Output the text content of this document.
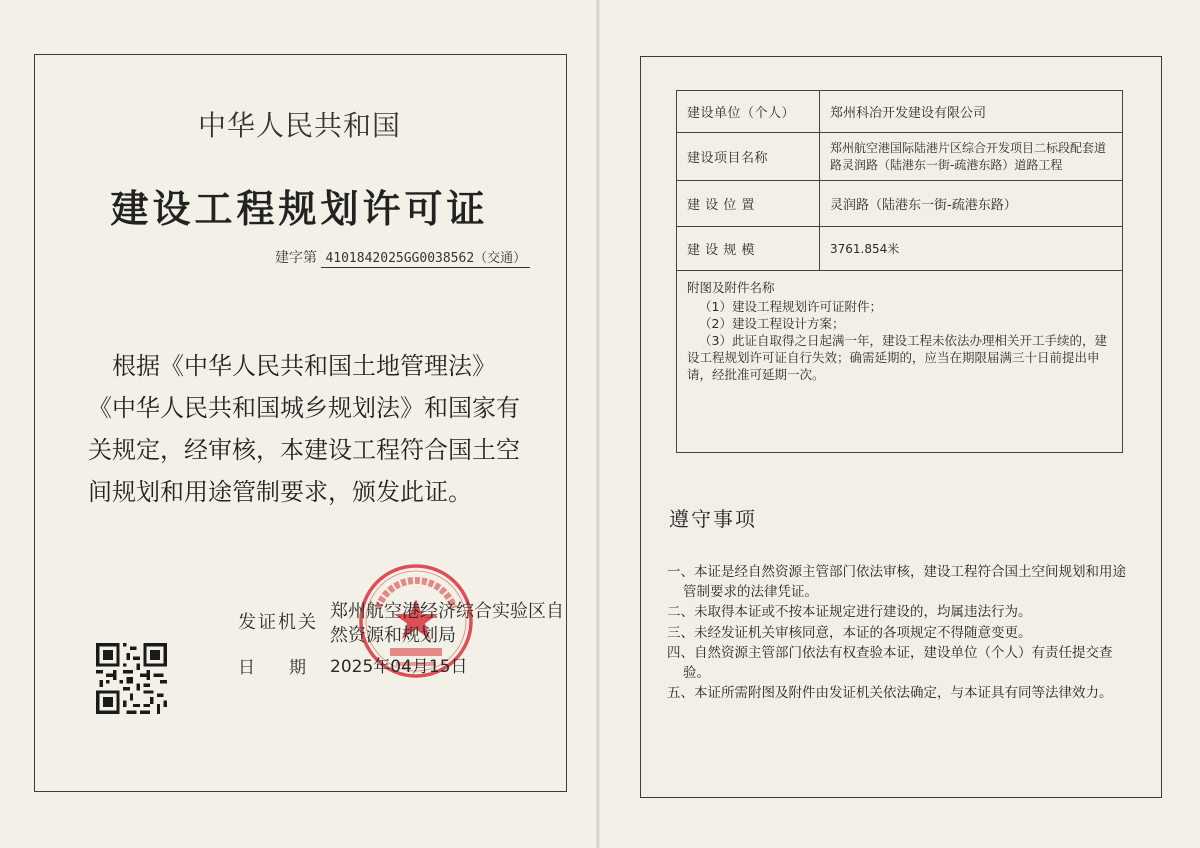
中华人民共和国
建设工程规划许可证
建字第 410184202​5GG0038562（交通）
根据《中华人民共和国土地管理法》《中华人民共和国城乡规划法》和国家有关规定，经审核，本建设工程符合国土空间规划和用途管制要求，颁发此证。
发证机关
郑州航空港经济综合实验区自然资源和规划局
日期
2025年04月15日
建设单位（个人）	郑州科冶开发建设有限公司
建设项目名称	郑州航空港国际陆港片区综合开发项目二标段配套道路灵润路（陆港东一街-疏港东路）道路工程
建 设 位 置	灵润路（陆港东一街-疏港东路）
建 设 规 模	3761.854米

附图及附件名称
（1）建设工程规划许可证附件；
（2）建设工程设计方案；
（3）此证自取得之日起满一年，建设工程未依法办理相关开工手续的，建设工程规划许可证自行失效；确需延期的，应当在期限届满三十日前提出申请，经批准可延期一次。	
遵守事项
一、本证是经自然资源主管部门依法审核，建设工程符合国土空间规划和用途管制要求的法律凭证。
二、未取得本证或不按本证规定进行建设的，均属违法行为。
三、未经发证机关审核同意，本证的各项规定不得随意变更。
四、自然资源主管部门依法有权查验本证，建设单位（个人）有责任提交查验。
五、本证所需附图及附件由发证机关依法确定，与本证具有同等法律效力。
